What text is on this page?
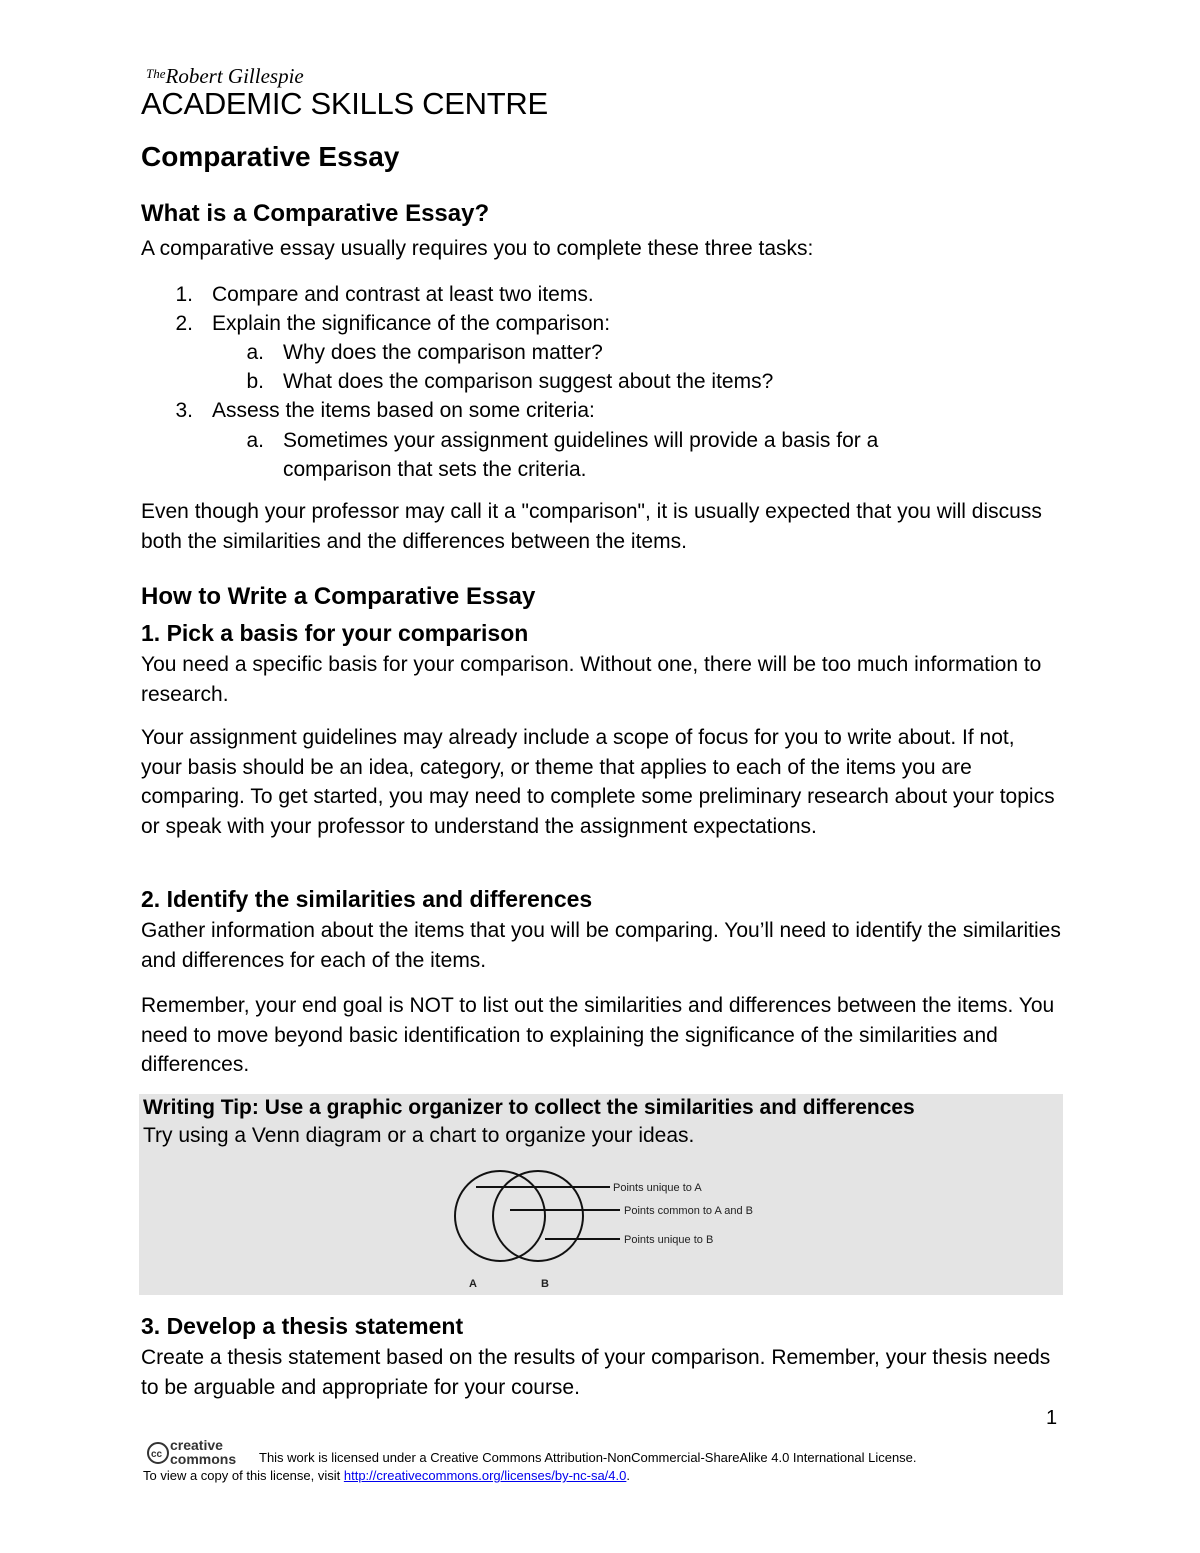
$^{The}$Robert Gillespie
ACADEMIC SKILLS CENTRE
Comparative Essay
What is a Comparative Essay?

A comparative essay usually requires you to complete these three tasks:

1. Compare and contrast at least two items.
2. Explain the significance of the comparison:
a. Why does the comparison matter?
b. What does the comparison suggest about the items?
3. Assess the items based on some criteria:
a. Sometimes your assignment guidelines will provide a basis for a
comparison that sets the criteria.

Even though your professor may call it a "comparison", it is usually expected that you will discuss both the similarities and the differences between the items.

How to Write a Comparative Essay
1. Pick a basis for your comparison

You need a specific basis for your comparison. Without one, there will be too much information to research.

Your assignment guidelines may already include a scope of focus for you to write about. If not, your basis should be an idea, category, or theme that applies to each of the items you are comparing. To get started, you may need to complete some preliminary research about your topics or speak with your professor to understand the assignment expectations.

2. Identify the similarities and differences

Gather information about the items that you will be comparing. You’ll need to identify the similarities and differences for each of the items.

Remember, your end goal is NOT to list out the similarities and differences between the items. You need to move beyond basic identification to explaining the significance of the similarities and differences.

Writing Tip: Use a graphic organizer to collect the similarities and differences
Try using a Venn diagram or a chart to organize your ideas.
Points unique to A
Points common to A and B
Points unique to B
A	B
3. Develop a thesis statement

Create a thesis statement based on the results of your comparison. Remember, your thesis needs to be arguable and appropriate for your course.

1
cc
creative
commons This work is licensed under a Creative Commons Attribution-NonCommercial-ShareAlike 4.0 International License.
To view a copy of this license, visit http://creativecommons.org/licenses/by-nc-sa/4.0.
